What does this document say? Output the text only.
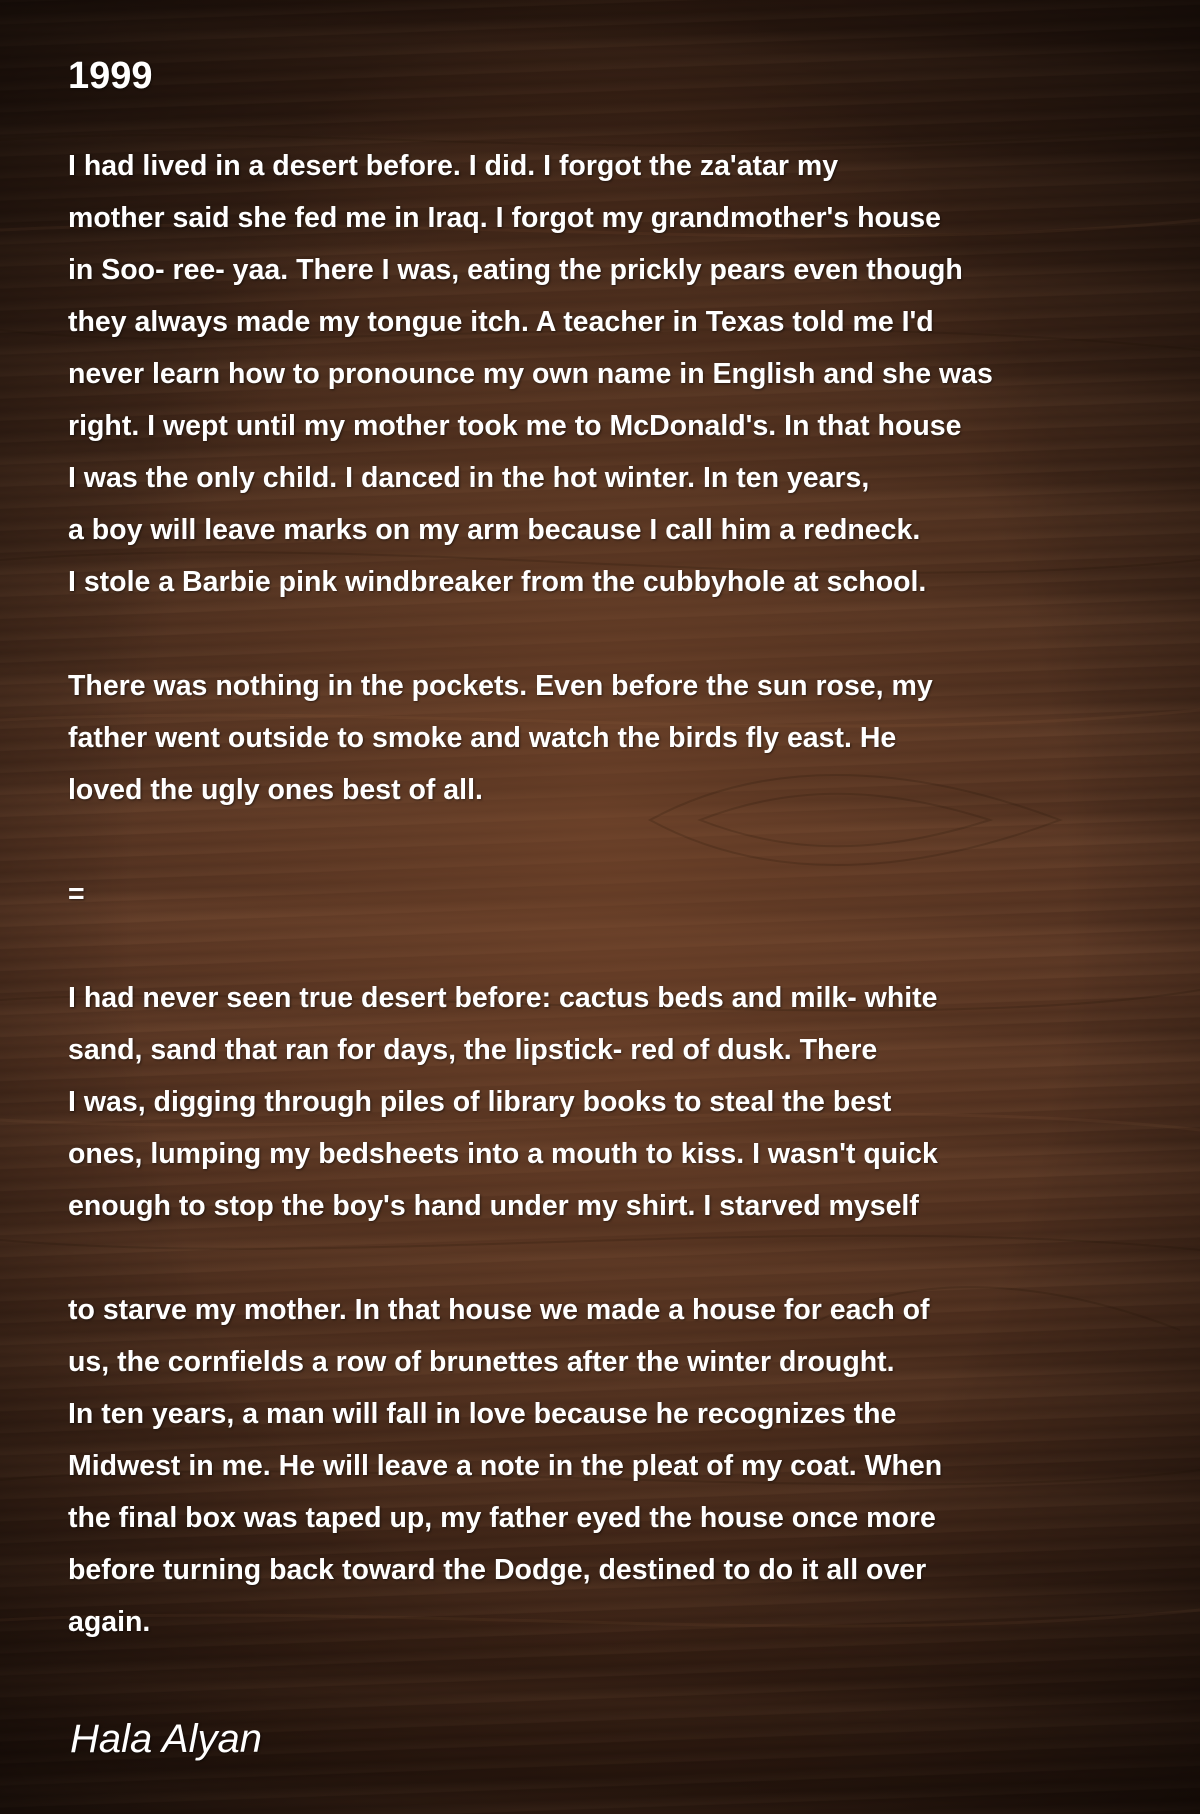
1999
I had lived in a desert before. I did. I forgot the za'atar my
mother said she fed me in Iraq. I forgot my grandmother's house
in Soo- ree- yaa. There I was, eating the prickly pears even though
they always made my tongue itch. A teacher in Texas told me I'd
never learn how to pronounce my own name in English and she was
right. I wept until my mother took me to McDonald's. In that house
I was the only child. I danced in the hot winter. In ten years,
a boy will leave marks on my arm because I call him a redneck.
I stole a Barbie pink windbreaker from the cubbyhole at school.
There was nothing in the pockets. Even before the sun rose, my
father went outside to smoke and watch the birds fly east. He
loved the ugly ones best of all.
=
I had never seen true desert before: cactus beds and milk- white
sand, sand that ran for days, the lipstick- red of dusk. There
I was, digging through piles of library books to steal the best
ones, lumping my bedsheets into a mouth to kiss. I wasn't quick
enough to stop the boy's hand under my shirt. I starved myself
to starve my mother. In that house we made a house for each of
us, the cornfields a row of brunettes after the winter drought.
In ten years, a man will fall in love because he recognizes the
Midwest in me. He will leave a note in the pleat of my coat. When
the final box was taped up, my father eyed the house once more
before turning back toward the Dodge, destined to do it all over
again.
Hala Alyan
